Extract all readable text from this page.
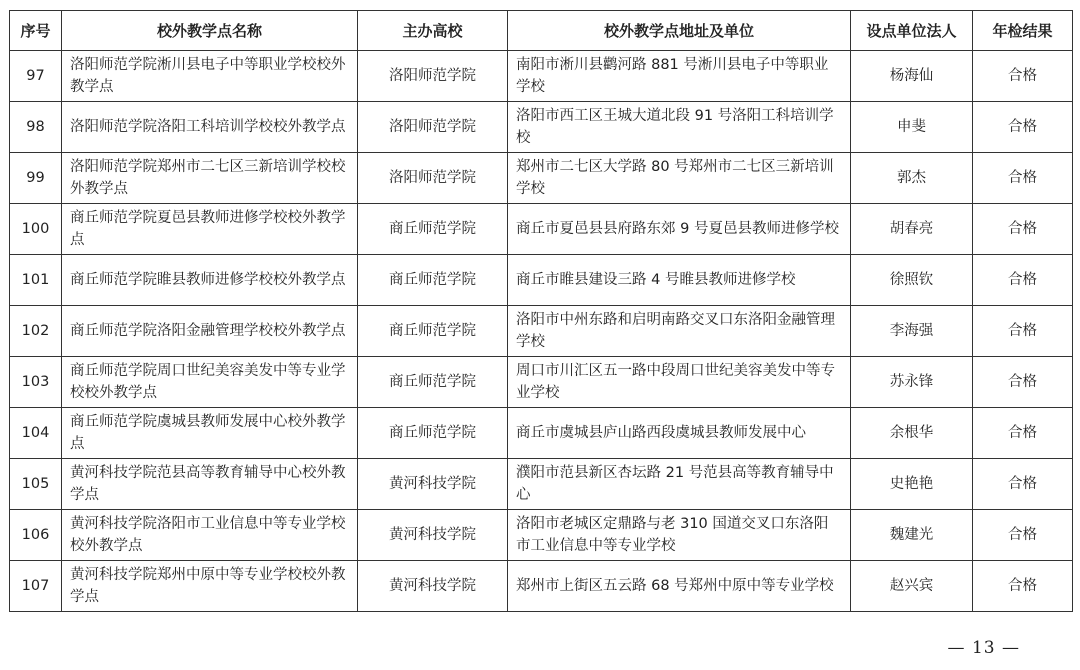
序号	校外教学点名称	主办高校	校外教学点地址及单位	设点单位法人	年检结果
97	洛阳师范学院淅川县电子中等职业学校校外教学点	洛阳师范学院	南阳市淅川县鹳河路 881 号淅川县电子中等职业学校	杨海仙	合格
98	洛阳师范学院洛阳工科培训学校校外教学点	洛阳师范学院	洛阳市西工区王城大道北段 91 号洛阳工科培训学校	申斐	合格
99	洛阳师范学院郑州市二七区三新培训学校校外教学点	洛阳师范学院	郑州市二七区大学路 80 号郑州市二七区三新培训学校	郭杰	合格
100	商丘师范学院夏邑县教师进修学校校外教学点	商丘师范学院	商丘市夏邑县县府路东郊 9 号夏邑县教师进修学校	胡春亮	合格
101	商丘师范学院睢县教师进修学校校外教学点	商丘师范学院	商丘市睢县建设三路 4 号睢县教师进修学校	徐照钦	合格
102	商丘师范学院洛阳金融管理学校校外教学点	商丘师范学院	洛阳市中州东路和启明南路交叉口东洛阳金融管理学校	李海强	合格
103	商丘师范学院周口世纪美容美发中等专业学校校外教学点	商丘师范学院	周口市川汇区五一路中段周口世纪美容美发中等专业学校	苏永锋	合格
104	商丘师范学院虞城县教师发展中心校外教学点	商丘师范学院	商丘市虞城县庐山路西段虞城县教师发展中心	余根华	合格
105	黄河科技学院范县高等教育辅导中心校外教学点	黄河科技学院	濮阳市范县新区杏坛路 21 号范县高等教育辅导中心	史艳艳	合格
106	黄河科技学院洛阳市工业信息中等专业学校校外教学点	黄河科技学院	洛阳市老城区定鼎路与老 310 国道交叉口东洛阳市工业信息中等专业学校	魏建光	合格
107	黄河科技学院郑州中原中等专业学校校外教学点	黄河科技学院	郑州市上街区五云路 68 号郑州中原中等专业学校	赵兴宾	合格
— 13 —
